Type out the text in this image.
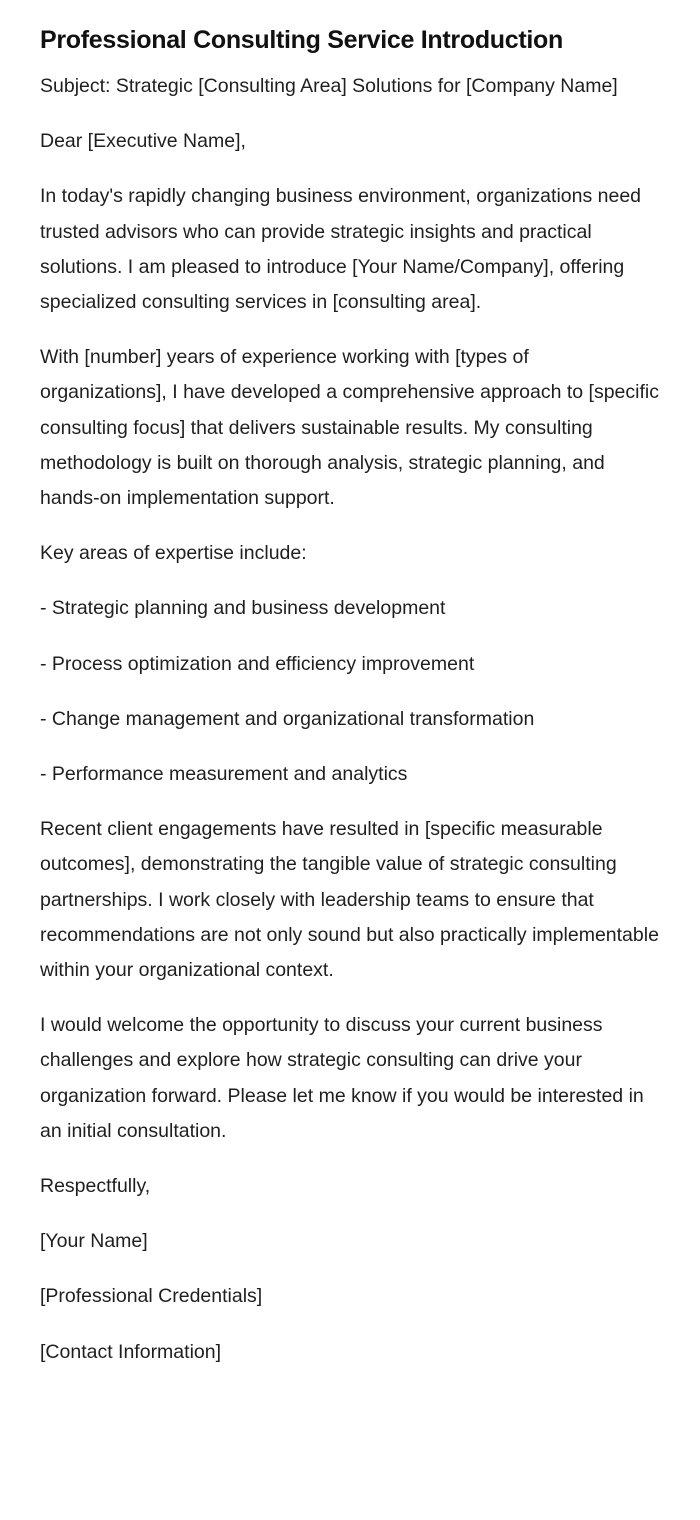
Professional Consulting Service Introduction

Subject: Strategic [Consulting Area] Solutions for [Company Name]

Dear [Executive Name],

In today's rapidly changing business environment, organizations need trusted advisors who can provide strategic insights and practical solutions. I am pleased to introduce [Your Name/Company], offering specialized consulting services in [consulting area].

With [number] years of experience working with [types of organizations], I have developed a comprehensive approach to [specific consulting focus] that delivers sustainable results. My consulting methodology is built on thorough analysis, strategic planning, and hands-on implementation support.

Key areas of expertise include:

- Strategic planning and business development

- Process optimization and efficiency improvement

- Change management and organizational transformation

- Performance measurement and analytics

Recent client engagements have resulted in [specific measurable outcomes], demonstrating the tangible value of strategic consulting partnerships. I work closely with leadership teams to ensure that recommendations are not only sound but also practically implementable within your organizational context.

I would welcome the opportunity to discuss your current business challenges and explore how strategic consulting can drive your organization forward. Please let me know if you would be interested in an initial consultation.

Respectfully,

[Your Name]

[Professional Credentials]

[Contact Information]
